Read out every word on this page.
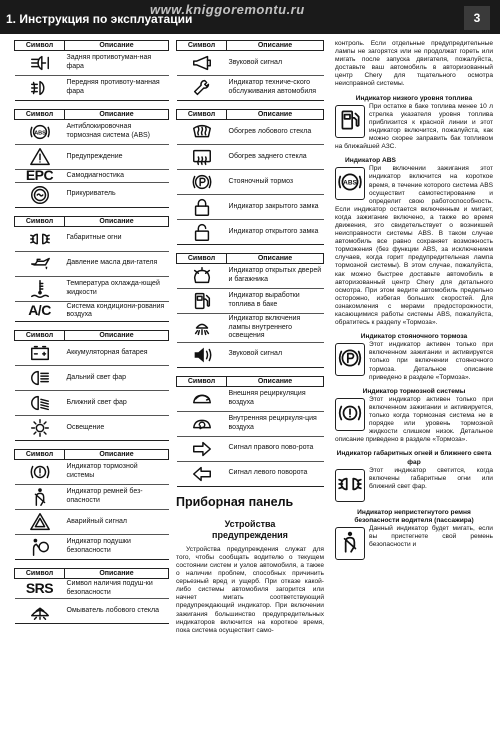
1. Инструкция по эксплуатации
www.kniggoremontu.ru
3
Символ	Описание

	Задняя противотуман-ная фара

	Передняя противоту-манная фара
Символ	Описание

ABS	Антиблокировочная тормозная система (ABS)

	Предупреждение
EPC	Самодиагностика

	Прикуриватель
Символ	Описание

	Габаритные огни

	Давление масла дви-гателя

	Температура охлажда-ющей жидкости
A/C	Система кондициони-рования воздуха
Символ	Описание

	Аккумуляторная батарея

	Дальний свет фар

	Ближний свет фар

	Освещение
Символ	Описание

	Индикатор тормозной системы

	Индикатор ремней без-опасности

	Аварийный сигнал

	Индикатор подушки безопасности
Символ	Описание
SRS	Символ наличия подуш-ки безопасности

	Омыватель лобового стекла
Символ	Описание

	Звуковой сигнал

	Индикатор техниче-ского обслуживания автомобиля
Символ	Описание

	Обогрев лобового стекла

	Обогрев заднего стекла

	Стояночный тормоз

	Индикатор закрытого замка

	Индикатор открытого замка
Символ	Описание

	Индикатор открытых дверей и багажника

	Индикатор выработки топлива в баке

	Индикатор включения лампы внутреннего освещения

	Звуковой сигнал
Символ	Описание

	Внешняя рециркуляция воздуха

	Внутренняя рециркуля-ция воздуха

	Сигнал правого пово-рота

	Сигнал левого поворота
Приборная панель
Устройства
предупреждения
Устройства предупреждения служат для того, чтобы сообщать водителю о текущем состоянии систем и узлов автомобиля, а также о наличии проблем, способных причинить серьезный вред и ущерб. При отказе какой-либо системы автомобиля загорится или начнет мигать соответствующий предупреждающий индикатор. При включении зажигания большинство предупредительных индикаторов включится на короткое время, пока система осуществит само-
контроль. Если отдельные предупредительные лампы не загорятся или не продолжат гореть или мигать после запуска двигателя, пожалуйста, доставьте ваш автомобиль в авторизованный центр Chery для тщательного осмотра неисправной системы.
Индикатор низкого уровня топлива
При остатке в баке топлива менее 10 л стрелка указателя уровня топлива приблизится к красной линии и этот индикатор включится, пожалуйста, как можно скорее заправить бак топливом на ближайшей АЗС.
Индикатор ABS
ABS
При включении зажигания этот индикатор включится на короткое время, в течение которого система ABS осуществит самотестирование и определит свою работоспособность. Если индикатор остается включенным и мигает, когда зажигание включено, а также во время движения, это свидетельствует о возникшей неисправности системы ABS. В таком случае автомобиль все равно сохраняет возможность торможения (без функции ABS, за исключением случаев, когда горит предупредительная лампа тормозной системы). В этом случае, пожалуйста, как можно быстрее доставьте автомобиль в авторизованный центр Chery для детального осмотра. При этом ведите автомобиль предельно осторожно, избегая больших скоростей. Для ознакомления с мерами предосторожности, касающимися работы системы ABS, пожалуйста, обратитесь к разделу «Тормоза».
Индикатор стояночного тормоза
Этот индикатор активен только при включенном зажигании и активируется только при включении стояночного тормоза. Детальное описание приведено в разделе «Тормоза».
Индикатор тормозной системы
Этот индикатор активен только при включенном зажигании и активируется, только когда тормозная система не в порядке или уровень тормозной жидкости слишком низок. Детальное описание приведено в разделе «Тормоза».
Индикатор габаритных огней и ближнего света фар
Этот индикатор светится, когда включены габаритные огни или ближний свет фар.
Индикатор непристегнутого ремня безопасности водителя (пассажира)
Данный индикатор будет мигать, если вы пристегнете свой ремень безопасности и
